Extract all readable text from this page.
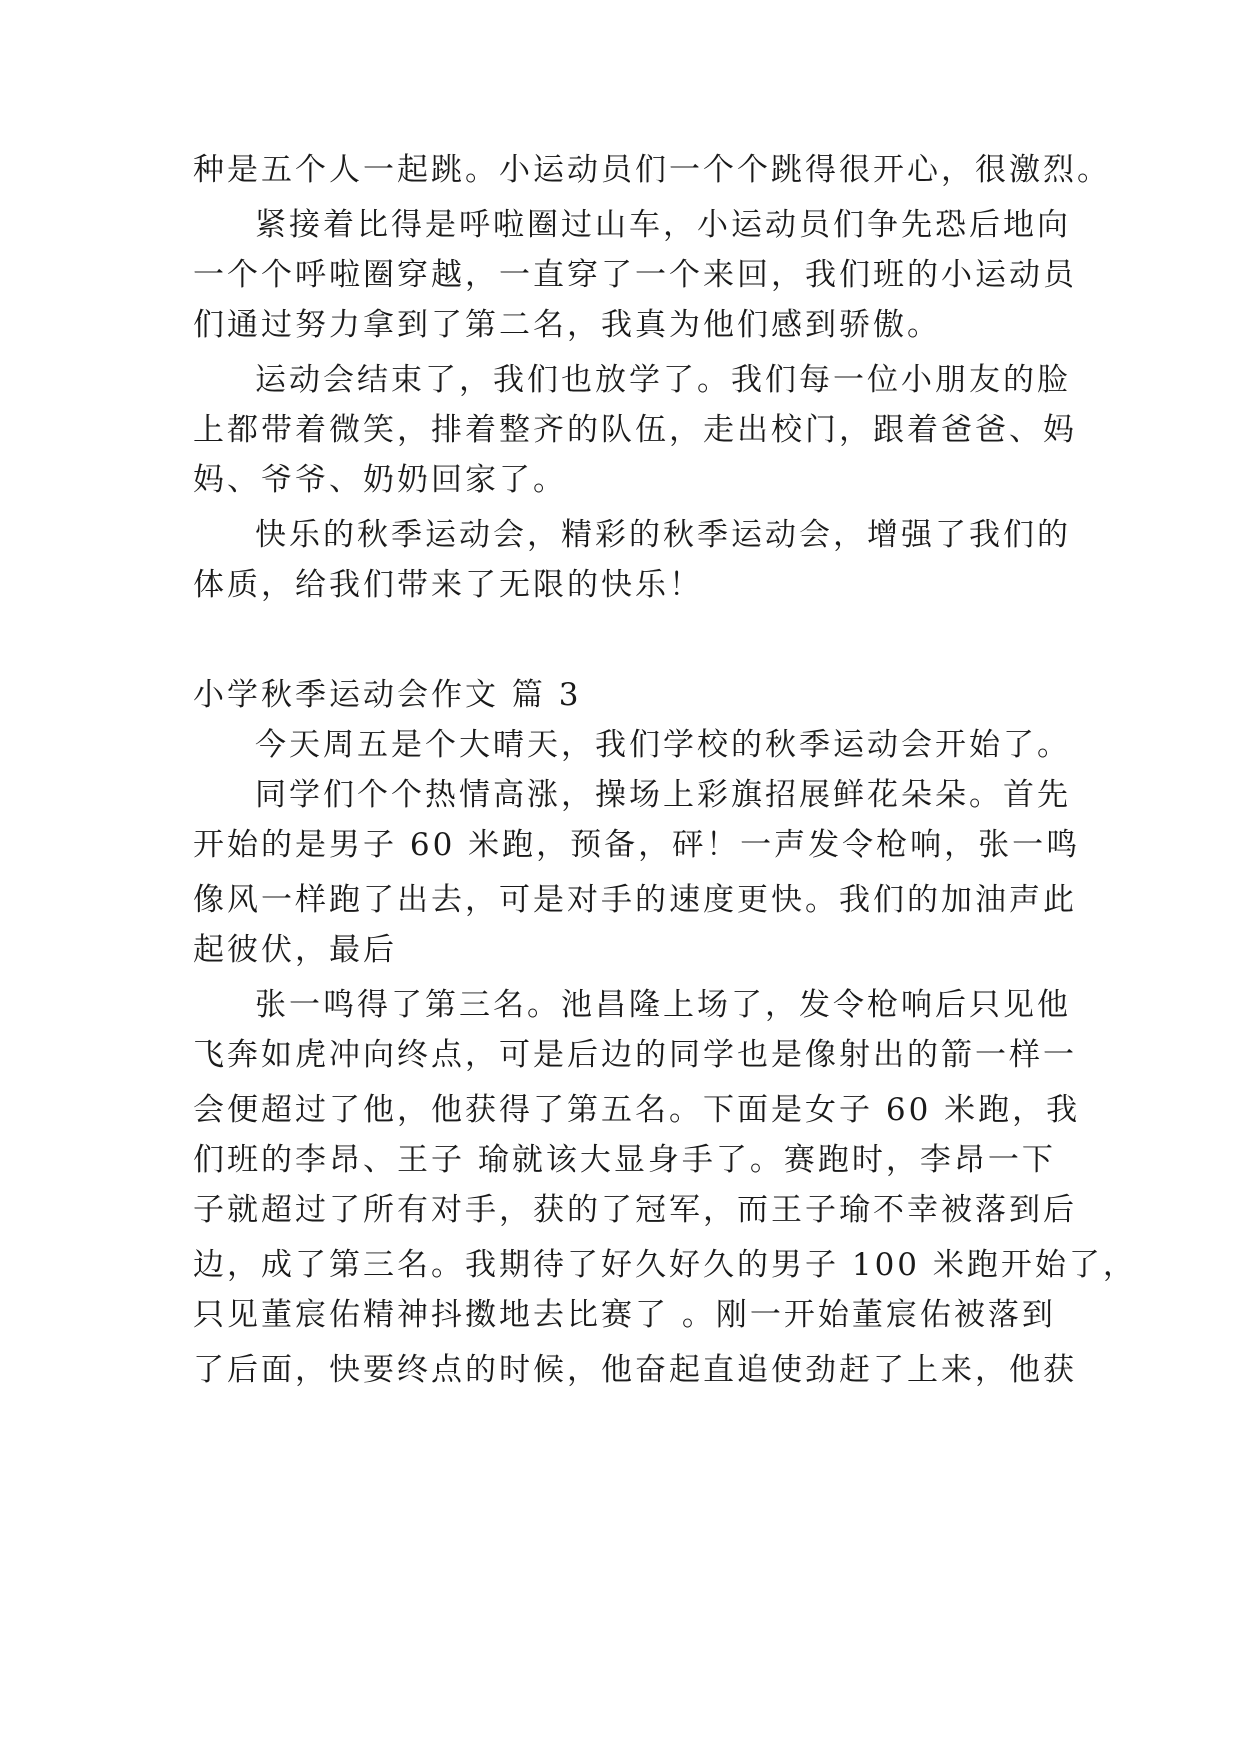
种是五个人一起跳。小运动员们一个个跳得很开心，很激烈。
紧接着比得是呼啦圈过山车，小运动员们争先恐后地向
一个个呼啦圈穿越，一直穿了一个来回，我们班的小运动员
们通过努力拿到了第二名，我真为他们感到骄傲。
运动会结束了，我们也放学了。我们每一位小朋友的脸
上都带着微笑，排着整齐的队伍，走出校门，跟着爸爸、妈
妈、爷爷、奶奶回家了。
快乐的秋季运动会，精彩的秋季运动会，增强了我们的
体质，给我们带来了无限的快乐！
小学秋季运动会作文 篇 3
今天周五是个大晴天，我们学校的秋季运动会开始了。
同学们个个热情高涨，操场上彩旗招展鲜花朵朵。首先
开始的是男子 60 米跑，预备，砰！一声发令枪响，张一鸣
像风一样跑了出去，可是对手的速度更快。我们的加油声此
起彼伏，最后
张一鸣得了第三名。池昌隆上场了，发令枪响后只见他
飞奔如虎冲向终点，可是后边的同学也是像射出的箭一样一
会便超过了他，他获得了第五名。下面是女子 60 米跑，我
们班的李昂、王子 瑜就该大显身手了。赛跑时，李昂一下
子就超过了所有对手，获的了冠军，而王子瑜不幸被落到后
边，成了第三名。我期待了好久好久的男子 100 米跑开始了，
只见董宸佑精神抖擞地去比赛了 。刚一开始董宸佑被落到
了后面，快要终点的时候，他奋起直追使劲赶了上来，他获
